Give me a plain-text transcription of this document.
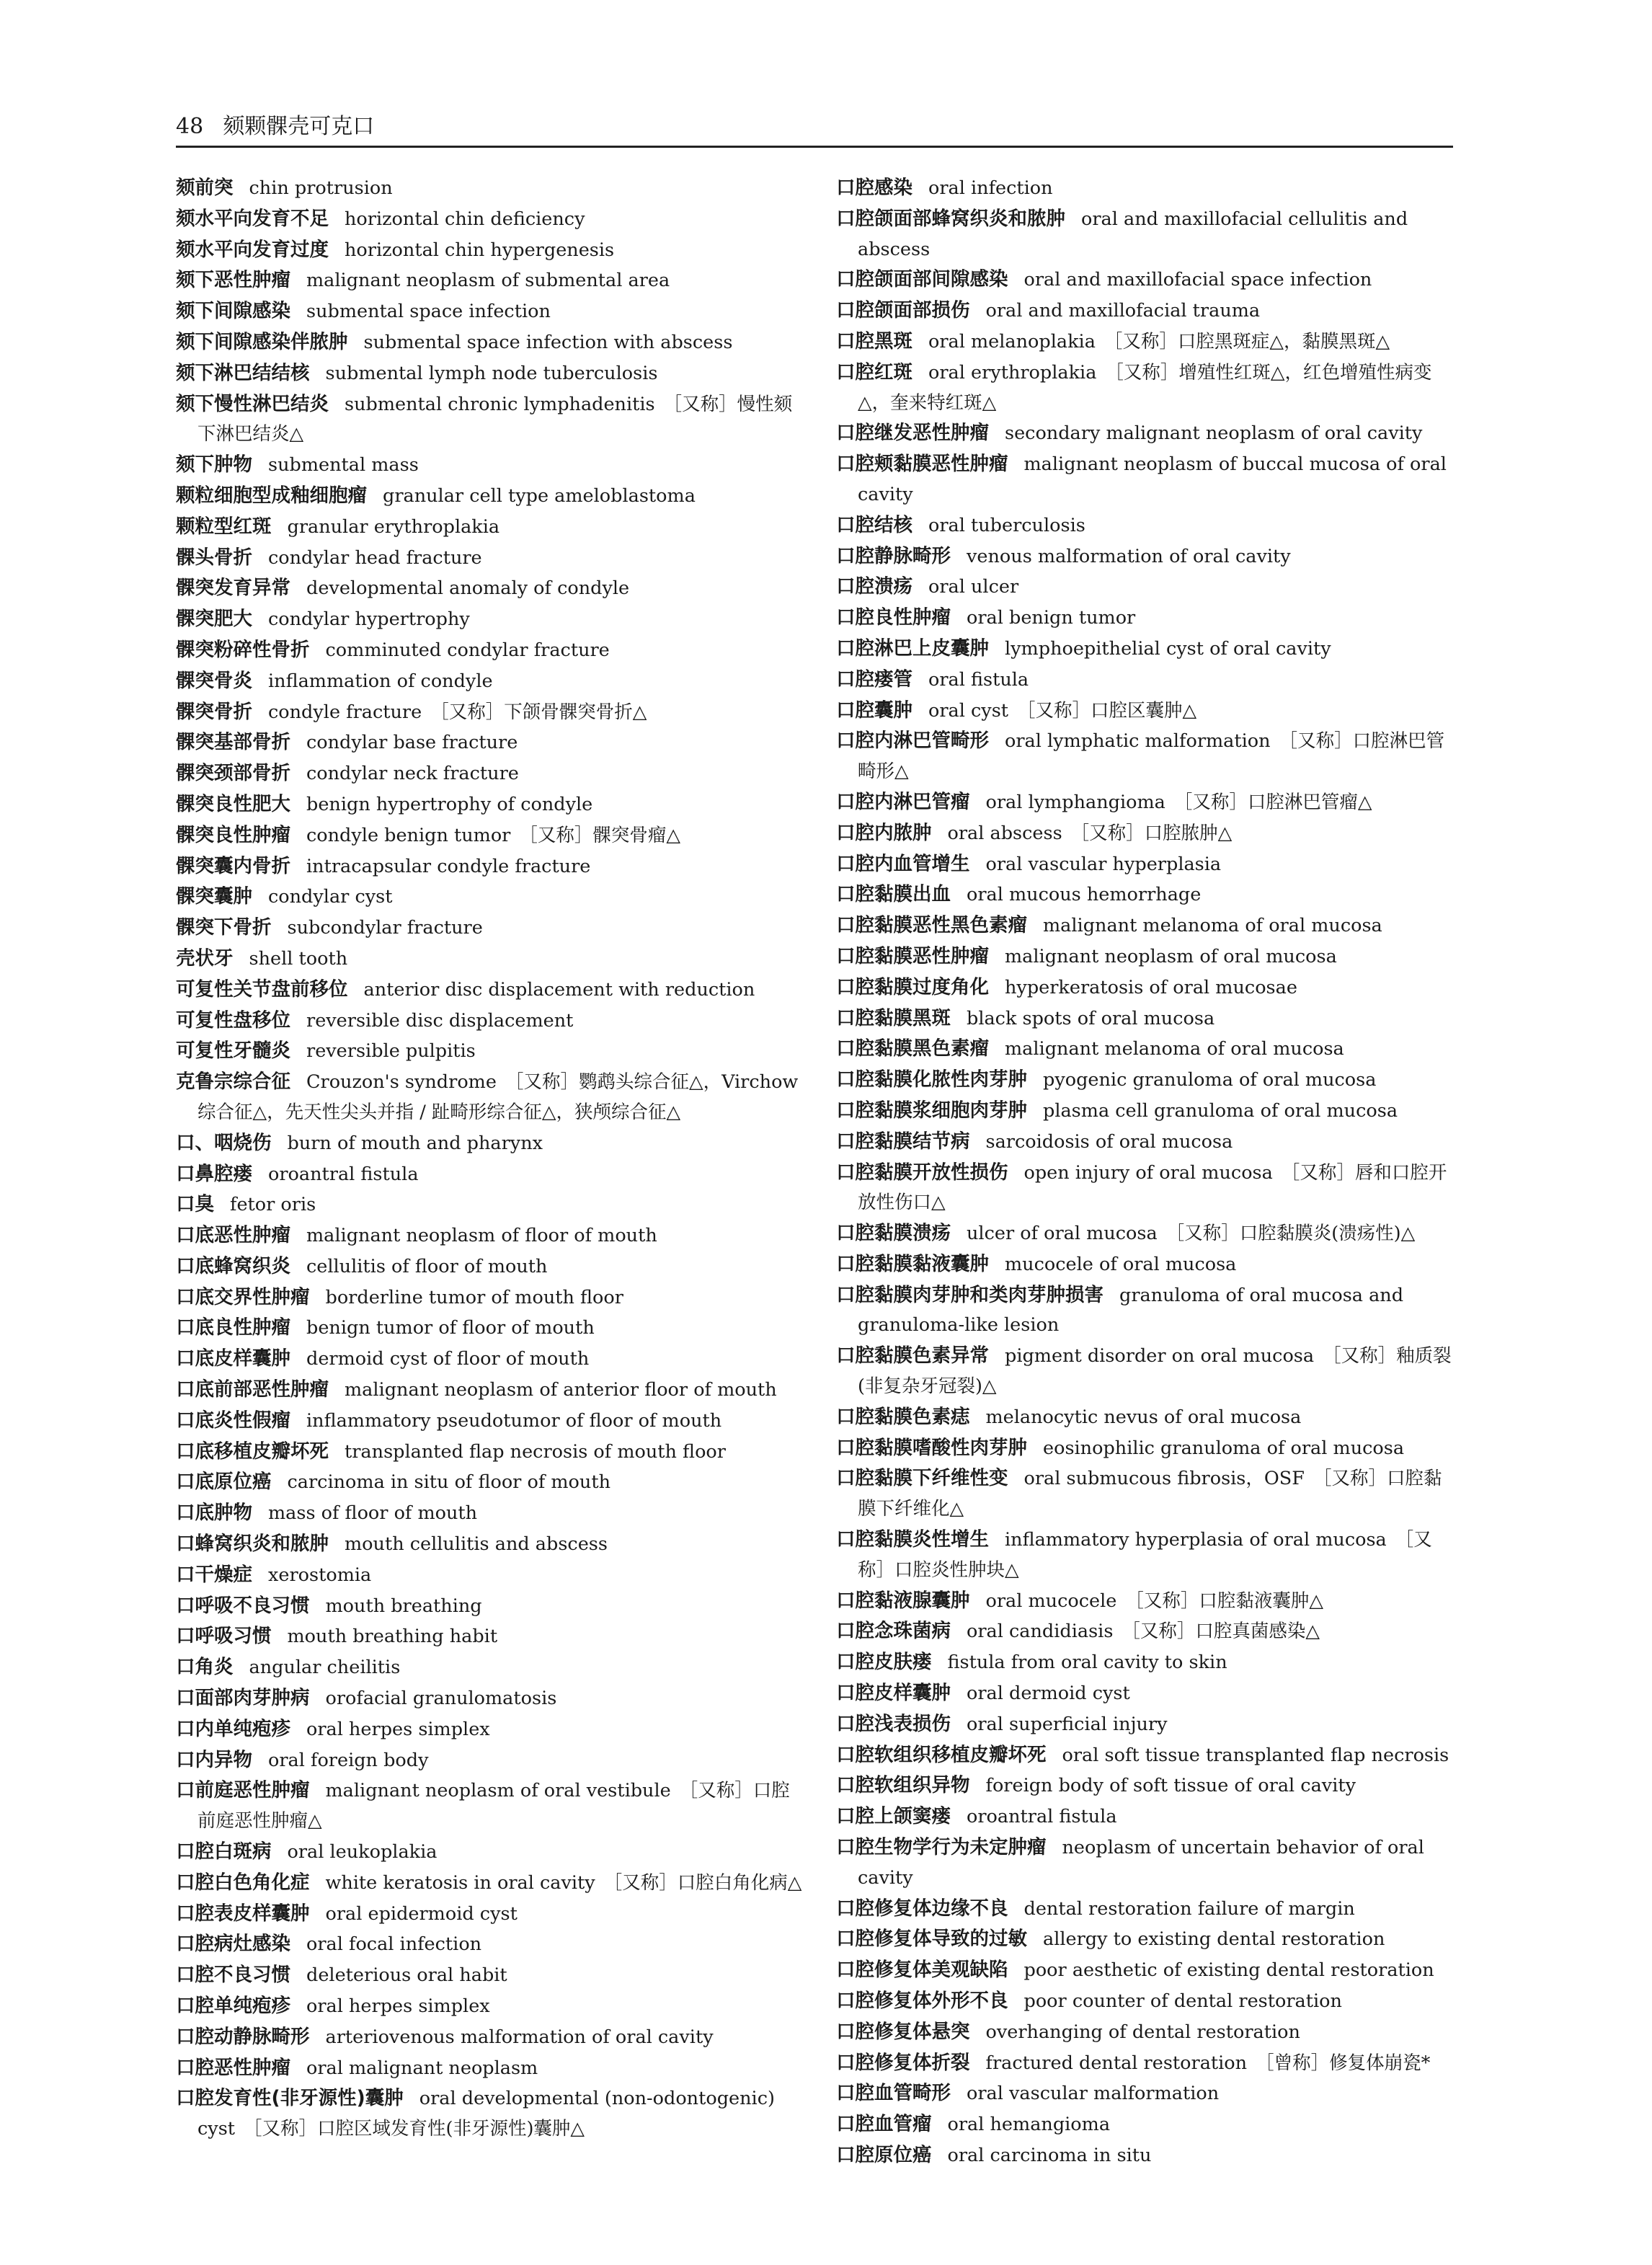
48 颏颗髁壳可克口
颏前突 chin protrusion
颏水平向发育不足 horizontal chin deficiency
颏水平向发育过度 horizontal chin hypergenesis
颏下恶性肿瘤 malignant neoplasm of submental area
颏下间隙感染 submental space infection
颏下间隙感染伴脓肿 submental space infection with abscess
颏下淋巴结结核 submental lymph node tuberculosis
颏下慢性淋巴结炎 submental chronic lymphadenitis ［又称］慢性颏下淋巴结炎△
颏下肿物 submental mass
颗粒细胞型成釉细胞瘤 granular cell type ameloblastoma
颗粒型红斑 granular erythroplakia
髁头骨折 condylar head fracture
髁突发育异常 developmental anomaly of condyle
髁突肥大 condylar hypertrophy
髁突粉碎性骨折 comminuted condylar fracture
髁突骨炎 inflammation of condyle
髁突骨折 condyle fracture ［又称］下颌骨髁突骨折△
髁突基部骨折 condylar base fracture
髁突颈部骨折 condylar neck fracture
髁突良性肥大 benign hypertrophy of condyle
髁突良性肿瘤 condyle benign tumor ［又称］髁突骨瘤△
髁突囊内骨折 intracapsular condyle fracture
髁突囊肿 condylar cyst
髁突下骨折 subcondylar fracture
壳状牙 shell tooth
可复性关节盘前移位 anterior disc displacement with reduction
可复性盘移位 reversible disc displacement
可复性牙髓炎 reversible pulpitis
克鲁宗综合征 Crouzon's syndrome ［又称］鹦鹉头综合征△，Virchow综合征△，先天性尖头并指 / 趾畸形综合征△，狭颅综合征△
口、咽烧伤 burn of mouth and pharynx
口鼻腔瘘 oroantral fistula
口臭 fetor oris
口底恶性肿瘤 malignant neoplasm of floor of mouth
口底蜂窝织炎 cellulitis of floor of mouth
口底交界性肿瘤 borderline tumor of mouth floor
口底良性肿瘤 benign tumor of floor of mouth
口底皮样囊肿 dermoid cyst of floor of mouth
口底前部恶性肿瘤 malignant neoplasm of anterior floor of mouth
口底炎性假瘤 inflammatory pseudotumor of floor of mouth
口底移植皮瓣坏死 transplanted flap necrosis of mouth floor
口底原位癌 carcinoma in situ of floor of mouth
口底肿物 mass of floor of mouth
口蜂窝织炎和脓肿 mouth cellulitis and abscess
口干燥症 xerostomia
口呼吸不良习惯 mouth breathing
口呼吸习惯 mouth breathing habit
口角炎 angular cheilitis
口面部肉芽肿病 orofacial granulomatosis
口内单纯疱疹 oral herpes simplex
口内异物 oral foreign body
口前庭恶性肿瘤 malignant neoplasm of oral vestibule ［又称］口腔前庭恶性肿瘤△
口腔白斑病 oral leukoplakia
口腔白色角化症 white keratosis in oral cavity ［又称］口腔白角化病△
口腔表皮样囊肿 oral epidermoid cyst
口腔病灶感染 oral focal infection
口腔不良习惯 deleterious oral habit
口腔单纯疱疹 oral herpes simplex
口腔动静脉畸形 arteriovenous malformation of oral cavity
口腔恶性肿瘤 oral malignant neoplasm
口腔发育性(非牙源性)囊肿 oral developmental (non-odontogenic) cyst ［又称］口腔区域发育性(非牙源性)囊肿△
口腔感染 oral infection
口腔颌面部蜂窝织炎和脓肿 oral and maxillofacial cellulitis and abscess
口腔颌面部间隙感染 oral and maxillofacial space infection
口腔颌面部损伤 oral and maxillofacial trauma
口腔黑斑 oral melanoplakia ［又称］口腔黑斑症△，黏膜黑斑△
口腔红斑 oral erythroplakia ［又称］增殖性红斑△，红色增殖性病变△，奎来特红斑△
口腔继发恶性肿瘤 secondary malignant neoplasm of oral cavity
口腔颊黏膜恶性肿瘤 malignant neoplasm of buccal mucosa of oral cavity
口腔结核 oral tuberculosis
口腔静脉畸形 venous malformation of oral cavity
口腔溃疡 oral ulcer
口腔良性肿瘤 oral benign tumor
口腔淋巴上皮囊肿 lymphoepithelial cyst of oral cavity
口腔瘘管 oral fistula
口腔囊肿 oral cyst ［又称］口腔区囊肿△
口腔内淋巴管畸形 oral lymphatic malformation ［又称］口腔淋巴管畸形△
口腔内淋巴管瘤 oral lymphangioma ［又称］口腔淋巴管瘤△
口腔内脓肿 oral abscess ［又称］口腔脓肿△
口腔内血管增生 oral vascular hyperplasia
口腔黏膜出血 oral mucous hemorrhage
口腔黏膜恶性黑色素瘤 malignant melanoma of oral mucosa
口腔黏膜恶性肿瘤 malignant neoplasm of oral mucosa
口腔黏膜过度角化 hyperkeratosis of oral mucosae
口腔黏膜黑斑 black spots of oral mucosa
口腔黏膜黑色素瘤 malignant melanoma of oral mucosa
口腔黏膜化脓性肉芽肿 pyogenic granuloma of oral mucosa
口腔黏膜浆细胞肉芽肿 plasma cell granuloma of oral mucosa
口腔黏膜结节病 sarcoidosis of oral mucosa
口腔黏膜开放性损伤 open injury of oral mucosa ［又称］唇和口腔开放性伤口△
口腔黏膜溃疡 ulcer of oral mucosa ［又称］口腔黏膜炎(溃疡性)△
口腔黏膜黏液囊肿 mucocele of oral mucosa
口腔黏膜肉芽肿和类肉芽肿损害 granuloma of oral mucosa and granuloma-like lesion
口腔黏膜色素异常 pigment disorder on oral mucosa ［又称］釉质裂(非复杂牙冠裂)△
口腔黏膜色素痣 melanocytic nevus of oral mucosa
口腔黏膜嗜酸性肉芽肿 eosinophilic granuloma of oral mucosa
口腔黏膜下纤维性变 oral submucous fibrosis，OSF ［又称］口腔黏膜下纤维化△
口腔黏膜炎性增生 inflammatory hyperplasia of oral mucosa ［又称］口腔炎性肿块△
口腔黏液腺囊肿 oral mucocele ［又称］口腔黏液囊肿△
口腔念珠菌病 oral candidiasis ［又称］口腔真菌感染△
口腔皮肤瘘 fistula from oral cavity to skin
口腔皮样囊肿 oral dermoid cyst
口腔浅表损伤 oral superficial injury
口腔软组织移植皮瓣坏死 oral soft tissue transplanted flap necrosis
口腔软组织异物 foreign body of soft tissue of oral cavity
口腔上颌窦瘘 oroantral fistula
口腔生物学行为未定肿瘤 neoplasm of uncertain behavior of oral cavity
口腔修复体边缘不良 dental restoration failure of margin
口腔修复体导致的过敏 allergy to existing dental restoration
口腔修复体美观缺陷 poor aesthetic of existing dental restoration
口腔修复体外形不良 poor counter of dental restoration
口腔修复体悬突 overhanging of dental restoration
口腔修复体折裂 fractured dental restoration ［曾称］修复体崩瓷*
口腔血管畸形 oral vascular malformation
口腔血管瘤 oral hemangioma
口腔原位癌 oral carcinoma in situ
